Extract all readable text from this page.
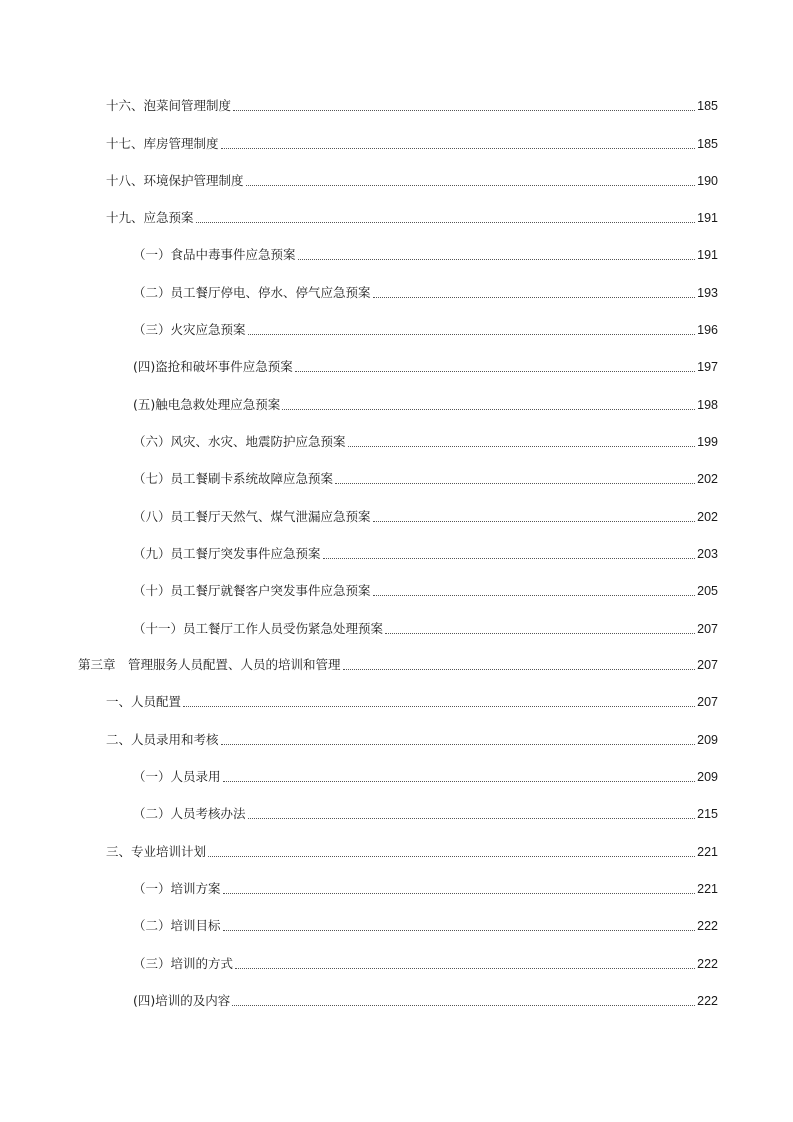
十六、泡菜间管理制度	185
十七、库房管理制度	185
十八、环境保护管理制度	190
十九、应急预案	191
（一）食品中毒事件应急预案	191
（二）员工餐厅停电、停水、停气应急预案	193
（三）火灾应急预案	196
(四)盗抢和破坏事件应急预案	197
(五)触电急救处理应急预案	198
（六）风灾、水灾、地震防护应急预案	199
（七）员工餐刷卡系统故障应急预案	202
（八）员工餐厅天然气、煤气泄漏应急预案	202
（九）员工餐厅突发事件应急预案	203
（十）员工餐厅就餐客户突发事件应急预案	205
（十一）员工餐厅工作人员受伤紧急处理预案	207
第三章　管理服务人员配置、人员的培训和管理	207
一、人员配置	207
二、人员录用和考核	209
（一）人员录用	209
（二）人员考核办法	215
三、专业培训计划	221
（一）培训方案	221
（二）培训目标	222
（三）培训的方式	222
(四)培训的及内容	222
